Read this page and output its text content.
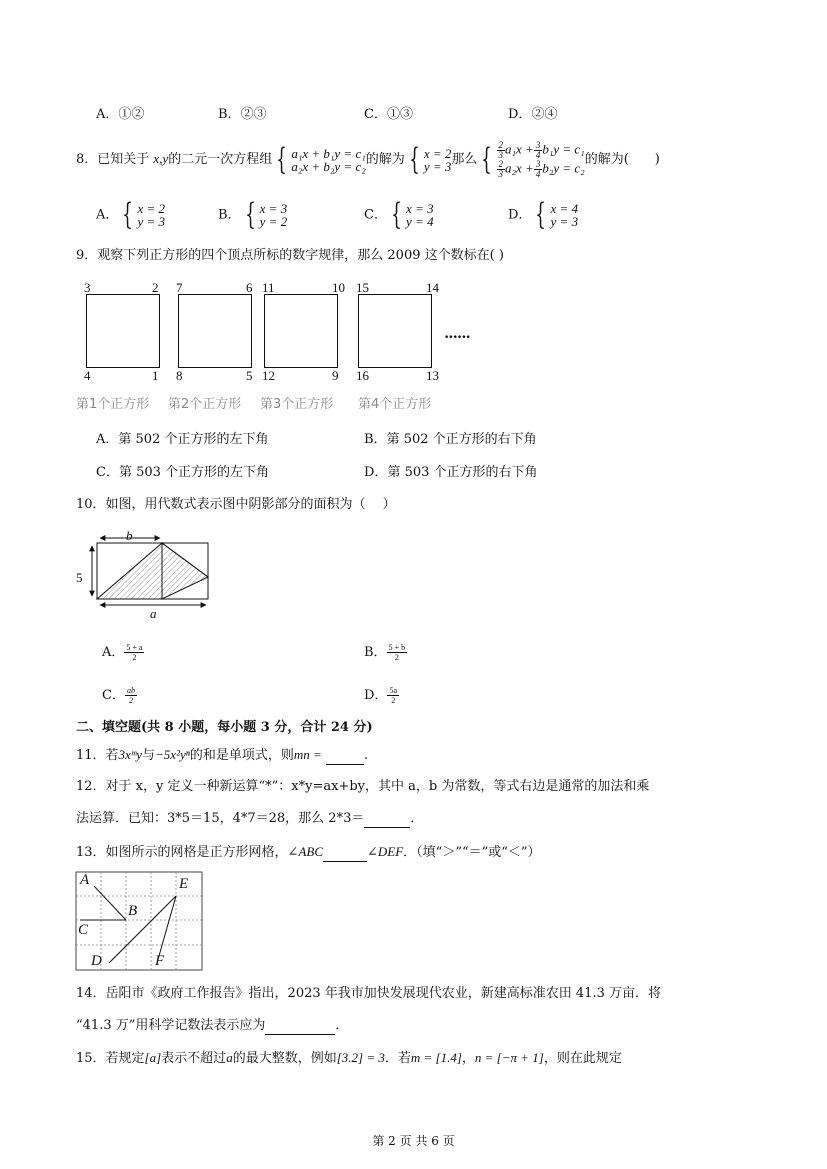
A．①②	B．②③	C．①③	D．②④
8．已知关于 x,y的二元一次方程组 { a₁x + b₁y = c₁
a₂x + b₂y = c₂ 的解为 { x = 2
y = 3 那么 { $\frac{2}{3} a_1x + \frac{3}{4} b_1y = c_1$
$\frac{2}{3} a_2x + \frac{3}{4} b_2y = c_2$
的解为(　　)
A． { x = 2
y = 3	B． { x = 3
y = 2	C． { x = 3
y = 4	D． { x = 4
y = 3
9．观察下列正方形的四个顶点所标的数字规律，那么 2009 这个数标在( )
3	2
4	1
7	6
8	5
11	10
12	9
15	14
16	13
••••••
第1个正方形 第2个正方形 第3个正方形 第4个正方形
A．第 502 个正方形的左下角	B．第 502 个正方形的右下角
C．第 503 个正方形的左下角	D．第 503 个正方形的右下角
10．如图，用代数式表示图中阴影部分的面积为（　 ）
b
5
a
A． $\frac{5 + a}{2}$	B． $\frac{5 + b}{2}$
C． $\frac{ab}{2}$	D． $\frac{5a}{2}$
二、填空题(共 8 小题，每小题 3 分，合计 24 分)
11．若3xᵐy与−5x²yⁿ的和是单项式，则mn =	.
12．对于 x，y 定义一种新运算“*”：x*y=ax+by，其中 a，b 为常数，等式右边是通常的加法和乘
法运算．已知：3*5＝15，4*7＝28，那么 2*3＝	．
13．如图所示的网格是正方形网格，∠ABC	∠DEF．（填“＞”“＝”或“＜”）
A
B
C
D
E
F
14．岳阳市《政府工作报告》指出，2023 年我市加快发展现代农业，新建高标准农田 41.3 万亩．将
“41.3 万”用科学记数法表示应为	．
15．若规定[a]表示不超过a的最大整数，例如[3.2] = 3．若m = [1.4]，n = [−π + 1]，则在此规定
第 2 页 共 6 页
